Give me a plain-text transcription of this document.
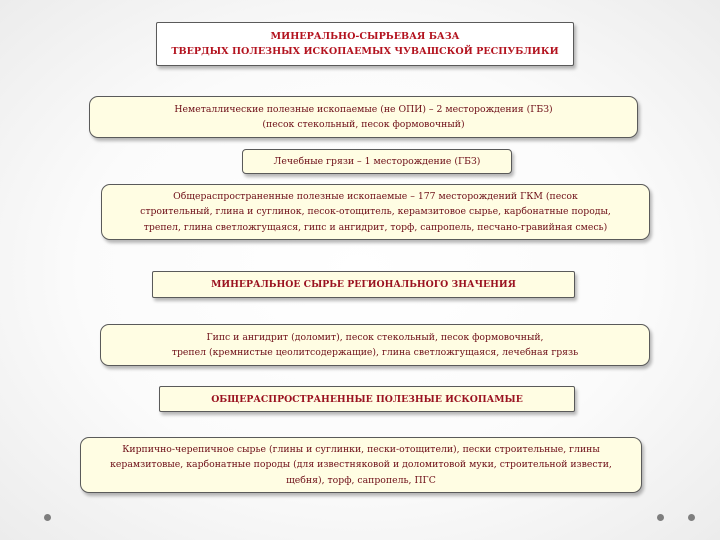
МИНЕРАЛЬНО-СЫРЬЕВАЯ БАЗА
ТВЕРДЫХ ПОЛЕЗНЫХ ИСКОПАЕМЫХ ЧУВАШСКОЙ РЕСПУБЛИКИ
Неметаллические полезные ископаемые (не ОПИ) – 2 месторождения (ГБЗ)
(песок стекольный, песок формовочный)
Лечебные грязи – 1 месторождение (ГБЗ)
Общераспространенные полезные ископаемые – 177 месторождений ГКМ (песок
строительный, глина и суглинок, песок-отощитель, керамзитовое сырье, карбонатные породы,
трепел, глина светложгущаяся, гипс и ангидрит, торф, сапропель, песчано-гравийная смесь)
МИНЕРАЛЬНОЕ СЫРЬЕ РЕГИОНАЛЬНОГО ЗНАЧЕНИЯ
Гипс и ангидрит (доломит), песок стекольный, песок формовочный,
трепел (кремнистые цеолитсодержащие), глина светложгущаяся, лечебная грязь
ОБЩЕРАСПРОСТРАНЕННЫЕ ПОЛЕЗНЫЕ ИСКОПАМЫЕ
Кирпично-черепичное сырье (глины и суглинки, пески-отощители), пески строительные, глины
керамзитовые, карбонатные породы (для известняковой и доломитовой муки, строительной извести,
щебня), торф, сапропель, ПГС
